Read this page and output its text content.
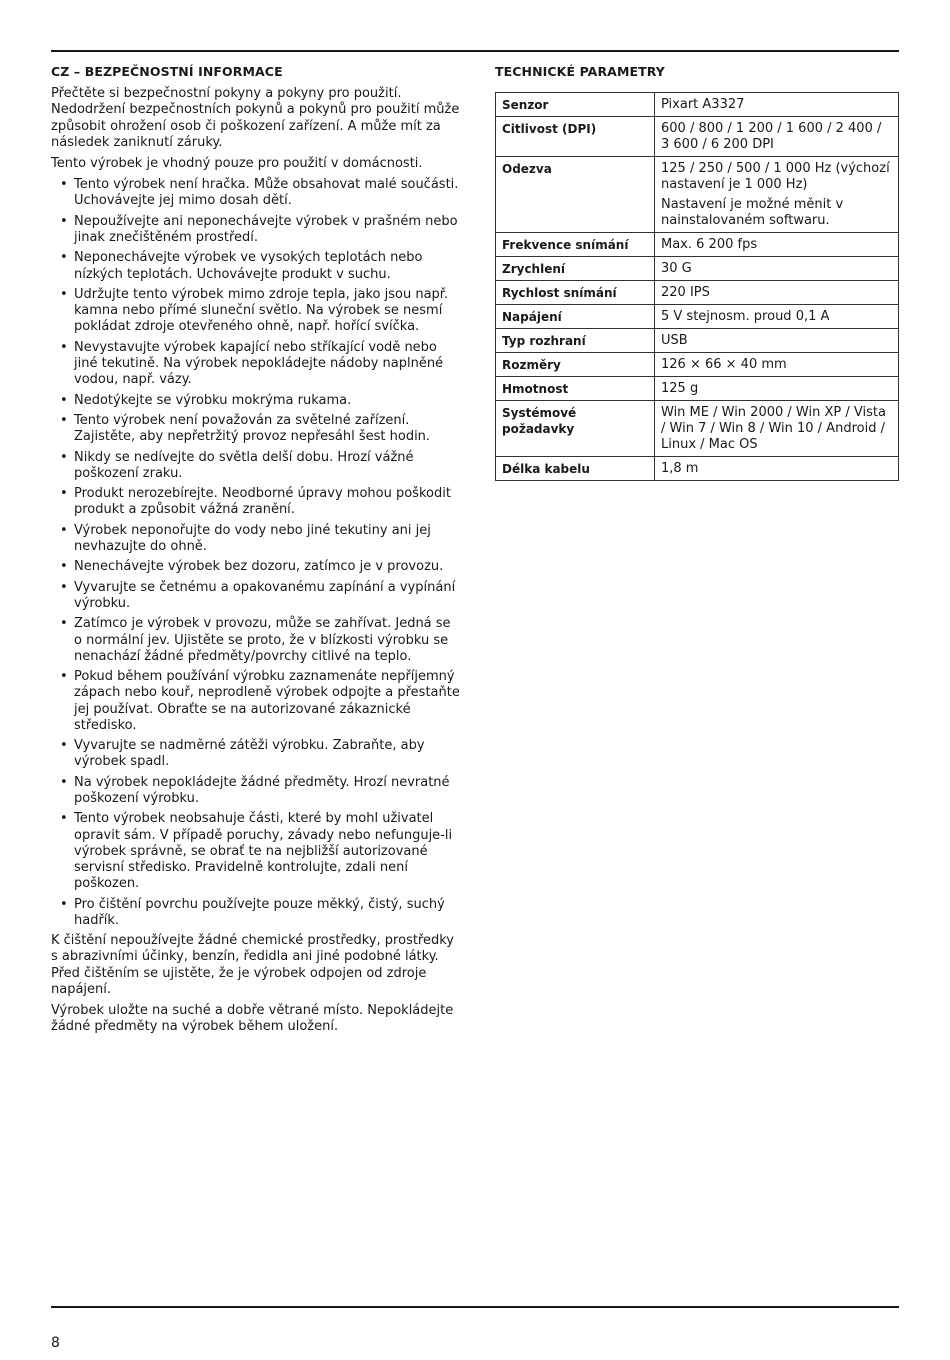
CZ – BEZPEČNOSTNÍ INFORMACE

Přečtěte si bezpečnostní pokyny a pokyny pro použití. Nedodržení bezpečnostních pokynů a pokynů pro použití může způsobit ohrožení osob či poškození zařízení. A může mít za následek zaniknutí záruky.

Tento výrobek je vhodný pouze pro použití v domácnosti.

• Tento výrobek není hračka. Může obsahovat malé součásti. Uchovávejte jej mimo dosah dětí.
• Nepoužívejte ani neponechávejte výrobek v prašném nebo jinak znečištěném prostředí.
• Neponechávejte výrobek ve vysokých teplotách nebo nízkých teplotách. Uchovávejte produkt v suchu.
• Udržujte tento výrobek mimo zdroje tepla, jako jsou např. kamna nebo přímé sluneční světlo. Na výrobek se nesmí pokládat zdroje otevřeného ohně, např. hořící svíčka.
• Nevystavujte výrobek kapající nebo stříkající vodě nebo jiné tekutině. Na výrobek nepokládejte nádoby naplněné vodou, např. vázy.
• Nedotýkejte se výrobku mokrýma rukama.
• Tento výrobek není považován za světelné zařízení. Zajistěte, aby nepřetržitý provoz nepřesáhl šest hodin.
• Nikdy se nedívejte do světla delší dobu. Hrozí vážné poškození zraku.
• Produkt nerozebírejte. Neodborné úpravy mohou poškodit produkt a způsobit vážná zranění.
• Výrobek neponořujte do vody nebo jiné tekutiny ani jej nevhazujte do ohně.
• Nenechávejte výrobek bez dozoru, zatímco je v provozu.
• Vyvarujte se četnému a opakovanému zapínání a vypínání výrobku.
• Zatímco je výrobek v provozu, může se zahřívat. Jedná se o normální jev. Ujistěte se proto, že v blízkosti výrobku se nenachází žádné předměty/povrchy citlivé na teplo.
• Pokud během používání výrobku zaznamenáte nepříjemný zápach nebo kouř, neprodleně výrobek odpojte a přestaňte jej používat. Obraťte se na autorizované zákaznické středisko.
• Vyvarujte se nadměrné zátěži výrobku. Zabraňte, aby výrobek spadl.
• Na výrobek nepokládejte žádné předměty. Hrozí nevratné poškození výrobku.
• Tento výrobek neobsahuje části, které by mohl uživatel opravit sám. V případě poruchy, závady nebo nefunguje-li výrobek správně, se obrať te na nejbližší autorizované servisní středisko. Pravidelně kontrolujte, zdali není poškozen.
• Pro čištění povrchu používejte pouze měkký, čistý, suchý hadřík.

K čištění nepoužívejte žádné chemické prostředky, prostředky s abrazivními účinky, benzín, ředidla ani jiné podobné látky. Před čištěním se ujistěte, že je výrobek odpojen od zdroje napájení.

Výrobek uložte na suché a dobře větrané místo. Nepokládejte žádné předměty na výrobek během uložení.

TECHNICKÉ PARAMETRY
Senzor	Pixart A3327

Citlivost (DPI)	600 / 800 / 1 200 / 1 600 / 2 400 / 3 600 / 6 200 DPI

Odezva	125 / 250 / 500 / 1 000 Hz (výchozí nastavení je 1 000 Hz)
Nastavení je možné měnit v nainstalovaném softwaru.

Frekvence snímání	Max. 6 200 fps

Zrychlení	30 G

Rychlost snímání	220 IPS

Napájení	5 V stejnosm. proud 0,1 A

Typ rozhraní	USB

Rozměry	126 × 66 × 40 mm

Hmotnost	125 g

Systémové požadavky	Win ME / Win 2000 / Win XP / Vista / Win 7 / Win 8 / Win 10 / Android / Linux / Mac OS

Délka kabelu	1,8 m
8
